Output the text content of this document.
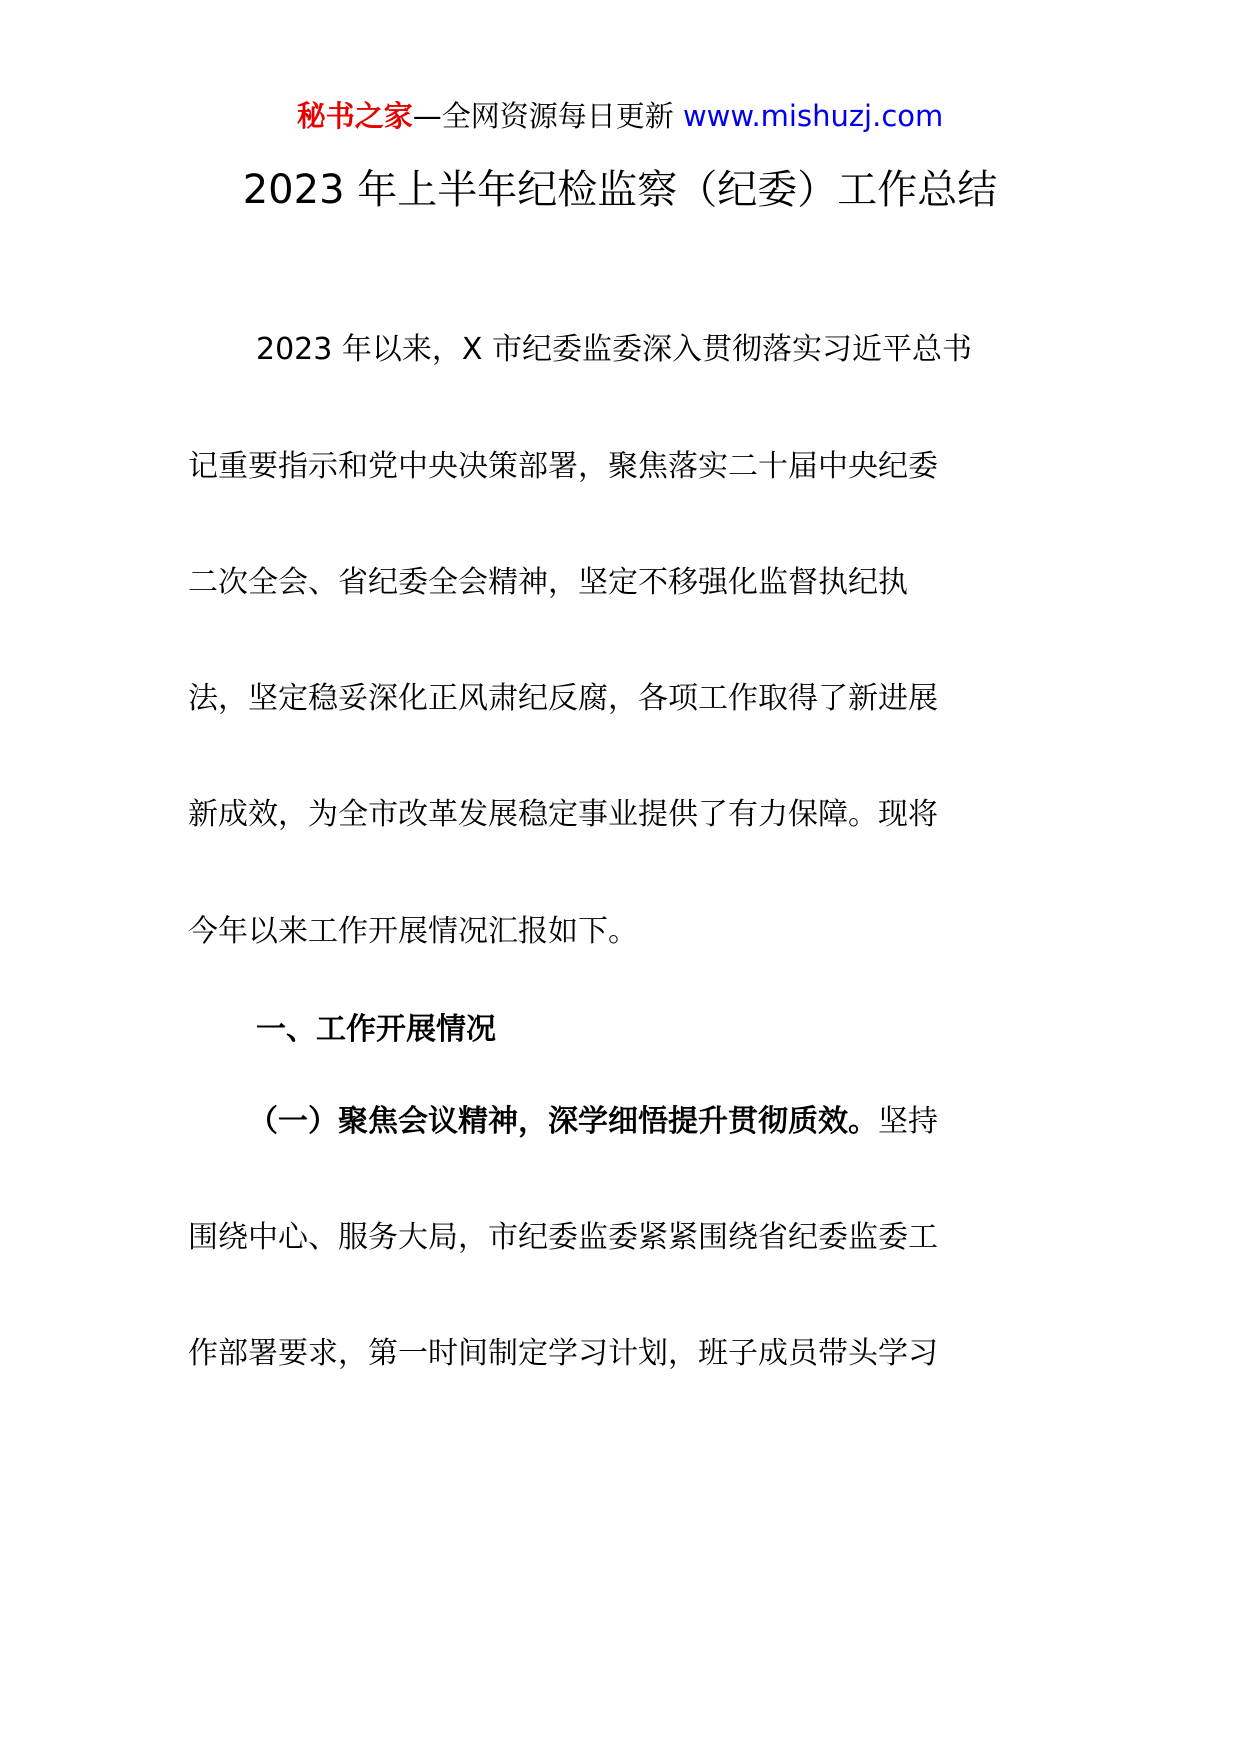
秘书之家—全网资源每日更新 www.mishuzj.com
2023 年上半年纪检监察（纪委）工作总结
2023 年以来，X 市纪委监委深入贯彻落实习近平总书
记重要指示和党中央决策部署，聚焦落实二十届中央纪委
二次全会、省纪委全会精神，坚定不移强化监督执纪执
法，坚定稳妥深化正风肃纪反腐，各项工作取得了新进展
新成效，为全市改革发展稳定事业提供了有力保障。现将
今年以来工作开展情况汇报如下。
一、工作开展情况
（一）聚焦会议精神，深学细悟提升贯彻质效。坚持
围绕中心、服务大局，市纪委监委紧紧围绕省纪委监委工
作部署要求，第一时间制定学习计划，班子成员带头学习
